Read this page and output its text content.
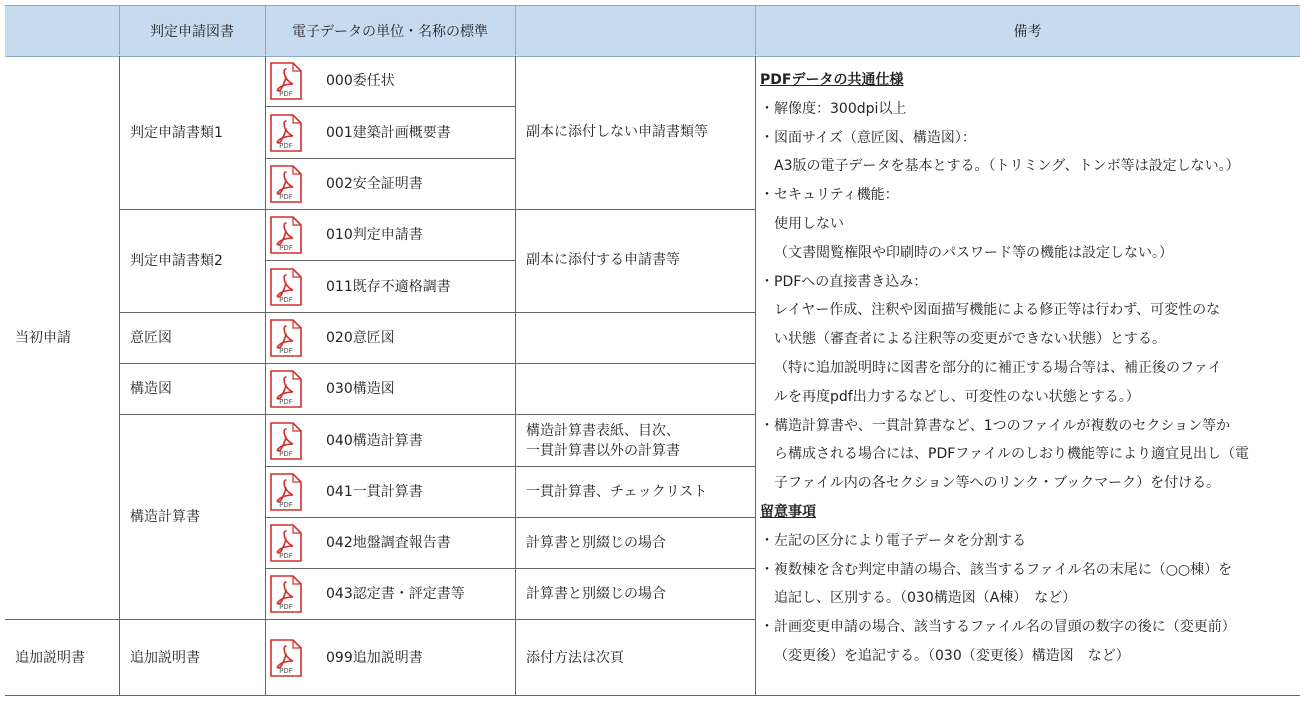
判定申請図書	電子データの単位・名称の標準	備考
当初申請
追加説明書
判定申請書類1
判定申請書類2
意匠図
構造図
構造計算書
追加説明書
PDF
000委任状
PDF
001建築計画概要書
PDF
002安全証明書
PDF
010判定申請書
PDF
011既存不適格調書
PDF
020意匠図
PDF
030構造図
PDF
040構造計算書
PDF
041一貫計算書
PDF
042地盤調査報告書
PDF
043認定書・評定書等
PDF
099追加説明書
副本に添付しない申請書類等
副本に添付する申請書等
構造計算書表紙、目次、
一貫計算書以外の計算書
一貫計算書、チェックリスト
計算書と別綴じの場合
計算書と別綴じの場合
添付方法は次頁
PDFデータの共通仕様
・解像度：300dpi以上
・図面サイズ（意匠図、構造図）：
A3版の電子データを基本とする。（トリミング、トンボ等は設定しない。）
・セキュリティ機能：
使用しない
（文書閲覧権限や印刷時のパスワード等の機能は設定しない。）
・PDFへの直接書き込み：
レイヤー作成、注釈や図面描写機能による修正等は行わず、可変性のな
い状態（審査者による注釈等の変更ができない状態）とする。
（特に追加説明時に図書を部分的に補正する場合等は、補正後のファイ
ルを再度pdf出力するなどし、可変性のない状態とする。）
・構造計算書や、一貫計算書など、1つのファイルが複数のセクション等か
ら構成される場合には、PDFファイルのしおり機能等により適宜見出し（電
子ファイル内の各セクション等へのリンク・ブックマーク）を付ける。
留意事項
・左記の区分により電子データを分割する
・複数棟を含む判定申請の場合、該当するファイル名の末尾に（○○棟）を
追記し、区別する。（030構造図（A棟）　など）
・計画変更申請の場合、該当するファイル名の冒頭の数字の後に（変更前）
（変更後）を追記する。（030（変更後）構造図　など）
